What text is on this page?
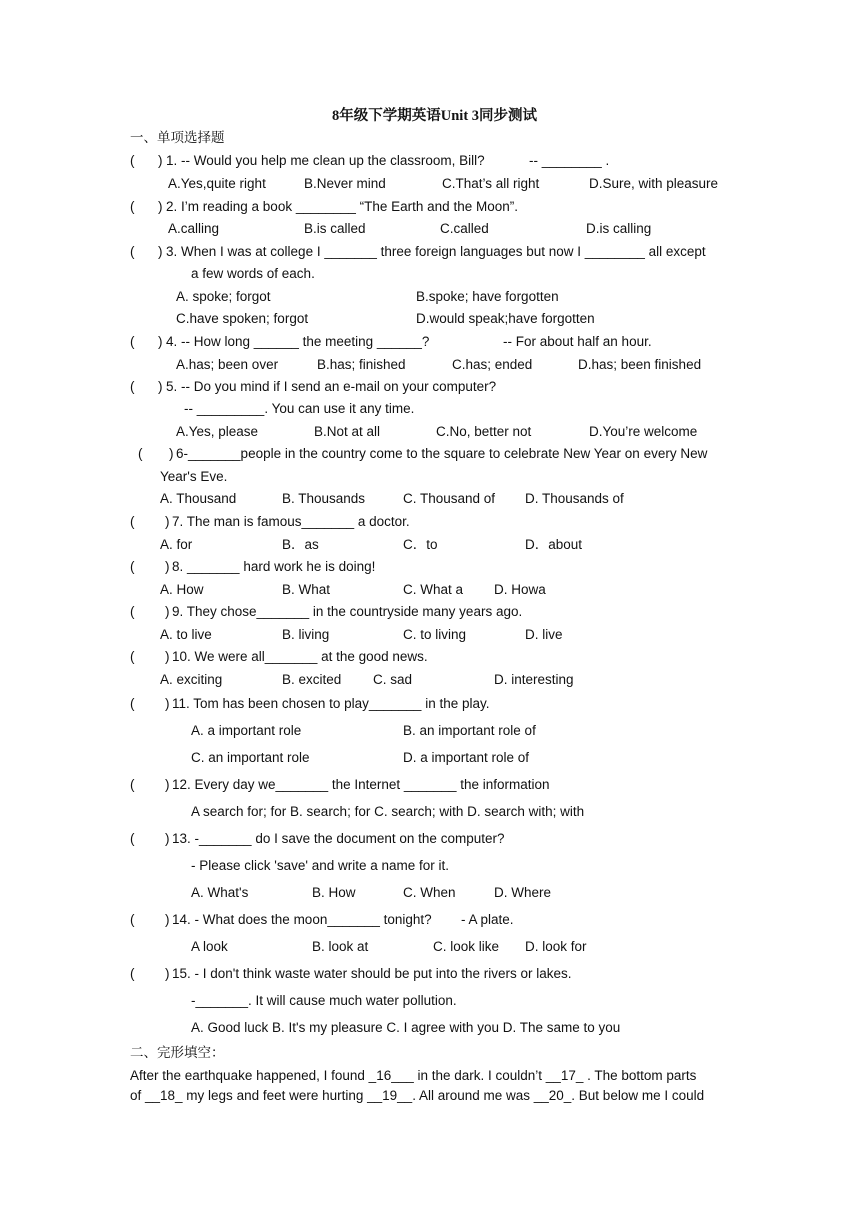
8年级下学期英语Unit 3同步测试
一、单项选择题
( ) 1. -- Would you help me clean up the classroom, Bill?	-- ________ .
A.Yes,quite right	B.Never mind	C.That’s all right	D.Sure, with pleasure
( ) 2. I’m reading a book ________ “The Earth and the Moon”.
A.calling	B.is called	C.called	D.is calling
( ) 3. When I was at college I _______ three foreign languages but now I ________ all except
a few words of each.
A. spoke; forgot	B.spoke; have forgotten
C.have spoken; forgot	D.would speak;have forgotten
( ) 4. -- How long ______ the meeting ______?	-- For about half an hour.
A.has; been over	B.has; finished	C.has; ended	D.has; been finished
( ) 5. -- Do you mind if I send an e-mail on your computer?
-- _________. You can use it any time.
A.Yes, please	B.Not at all	C.No, better not	D.You’re welcome
( ) 6-_______people in the country come to the square to celebrate New Year on every New
Year's Eve.
A. Thousand	B. Thousands	C. Thousand of D. Thousands of
( ) 7. The man is famous_______ a doctor.
A. for	B．as	C．to	D．about
( ) 8. _______ hard work he is doing!
A. How	B. What	C. What a D. Howa
( ) 9. They chose_______ in the countryside many years ago.
A. to live	B. living	C. to living	D. live
( ) 10. We were all_______ at the good news.
A. exciting	B. excited C. sad	D. interesting
( ) 11. Tom has been chosen to play_______ in the play.
A. a important role	B. an important role of
C. an important role	D. a important role of
( ) 12. Every day we_______ the Internet _______ the information
A search for; for B. search; for C. search; with D. search with; with
( ) 13. -_______ do I save the document on the computer?
- Please click 'save' and write a name for it.
A. What's	B. How	C. When	D. Where
( ) 14. - What does the moon_______ tonight? - A plate.
A look	B. look at	C. look like D. look for
( ) 15. - I don't think waste water should be put into the rivers or lakes.
-_______. It will cause much water pollution.
A. Good luck B. It's my pleasure C. I agree with you D. The same to you
二、完形填空：
After the earthquake happened, I found _16___ in the dark. I couldn’t __17_ . The bottom parts
of __18_ my legs and feet were hurting __19__. All around me was __20_. But below me I could
